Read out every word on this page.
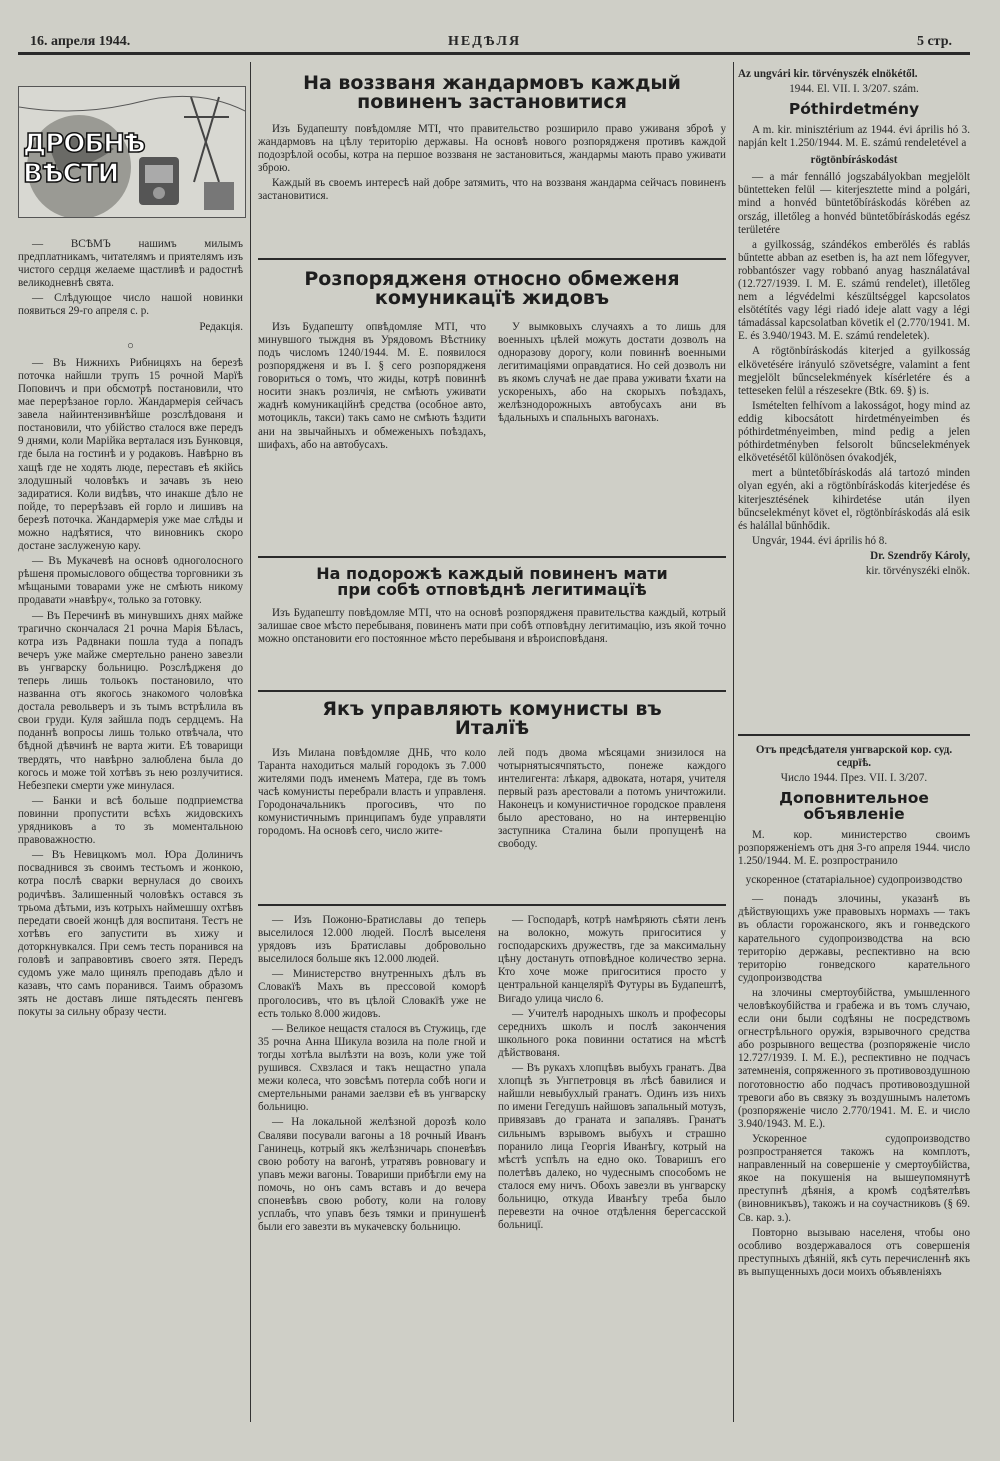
16. апреля 1944.	НЕДѢЛЯ	5 стр.
ДРОБНѢ ВѢСТИ

— ВСѢМЪ нашимъ милымъ предплатникамъ, читателямъ и приятелямъ изъ чистого сердця желаеме щастливѣ и радостнѣ великодневнѣ свята.

— Слѣдующое число нашой новинки появиться 29-го апреля с. р.

Редакція.

○

— Въ Нижнихъ Рибницяхъ на березѣ поточка найшли трупъ 15 рочной Марїѣ Поповичъ и при обсмотрѣ постановили, что мае перерѣзаное горло. Жандармерія сейчасъ завела найинтензивнѣйше розслѣдованя и постановили, что убійство сталося вже передъ 9 днями, коли Марійка верталася изъ Бунковця, где была на гостинѣ и у родаковъ. Навѣрно въ хащѣ где не ходять люде, переставъ еѣ якійсь злодушный чоловѣкъ и зачавъ зъ нею задиратися. Коли видѣвъ, что инакше дѣло не пойде, то перерѣзавъ ей горло и лишивъ на березѣ поточка. Жандармерія уже мае слѣды и можно надѣятися, что виновникъ скоро достане заслуженую кару.

— Въ Мукачевѣ на основѣ одноголосного рѣшеня промыслового общества торговники зъ мѣщаными товарами уже не смѣють никому продавати »навѣру«, только за готовку.

— Въ Перечинѣ въ минувшихъ днях майже трагично скончалася 21 рочна Марія Бѣласъ, котра изъ Радвнаки пошла туда а попадъ вечеръ уже майже смертельно ранено завезли въ унгварску больницю. Розслѣдженя до теперь лишь тольокъ постановило, что названна отъ якогось знакомого чоловѣка достала револьверъ и зъ тымъ встрѣлила въ свои груди. Куля зайшла подъ сердцемъ. На поданнѣ вопросы лишь только отвѣчала, что бѣдной дѣвчинѣ не варта жити. Еѣ товарищи твердять, что навѣрно залюблена была до когось и може той хотѣвъ зъ нею розлучитися. Небезпеки смерти уже минулася.

— Банки и всѣ больше подприемства повинни пропустити всѣхъ жидовскихъ урядниковъ а то зъ моментальною правоважностю.

— Въ Невицкомъ мол. Юра Долиничъ посваднився зъ своимъ тестьомъ и жонкою, котра послѣ сварки вернулася до своихъ родичѣвъ. Залишенный чоловѣкъ остався зъ трьома дѣтьми, изъ котрыхъ наймешшу охтѣвъ передати своей жонцѣ для воспитаня. Тестъ не хотѣвъ его запустити въ хижу и доторкнувкался. При семъ тесть поранився на головѣ и заправовтивъ своего зятя. Передъ судомъ уже мало щинялъ преподавъ дѣло и казавъ, что самъ поранився. Таимъ образомъ зять не доставъ лише пятьдесять пенгевъ покуты за сильну образу чести.

На воззваня жандармовъ каждый повиненъ застановитися

Изъ Будапешту повѣдомляе МТІ, что правительство розширило право уживаня зброѣ у жандармовъ на цѣлу територію державы. На основѣ нового розпорядженя противъ каждой подозрѣлой особы, котра на першое воззваня не застановиться, жандармы мають право уживати зброю.

Каждый въ своемъ интересѣ най добре затямить, что на воззваня жандарма сейчасъ повиненъ застановитися.

Розпорядженя относно обмеженя комуникацїѣ жидовъ

Изъ Будапешту опвѣдомляе МТІ, что минувшого тыждня въ Урядовомъ Вѣстнику подъ числомъ 1240/1944. М. Е. появилося розпорядженя и въ І. § сего розпорядженя говориться о томъ, что жиды, котрѣ повиннѣ носити знакъ розличія, не смѣють уживати жаднѣ комуникаційнѣ средства (особное авто, мотоцикль, такси) такъ само не смѣють ѣздити ани на звычайныхъ и обмеженыхъ поѣздахъ, шифахъ, або на автобусахъ.

У вымковыхъ случаяхъ а то лишь для военныхъ цѣлей можуть достати дозволъ на одноразову дорогу, коли повиннѣ военными легитимаціями оправдатися. Но сей дозволъ ни въ якомъ случаѣ не дае права уживати ѣхати на ускореныхъ, або на скорыхъ поѣздахъ, желѣзнодорожныхъ автобусахъ ани въ ѣдальныхъ и спальныхъ вагонахъ.

На подорожѣ каждый повиненъ мати при собѣ отповѣднѣ легитимацїѣ

Изъ Будапешту повѣдомляе МТІ, что на основѣ розпорядженя правительства каждый, котрый залишае свое мѣсто перебываня, повиненъ мати при собѣ отповѣдну легитимацію, изъ якой точно можно опстановити его постоянное мѣсто перебываня и вѣроисповѣданя.

Якъ управляють комунисты въ Италїѣ

Изъ Милана повѣдомляе ДНБ, что коло Таранта находиться малый городокъ зъ 7.000 жителями подъ именемъ Матера, где въ томъ часѣ комунисты перебрали власть и управленя. Городоначальникъ прогосивъ, что по комунистичнымъ принципамъ буде управляти городомъ. На основѣ сего, число жите-

лей подъ двома мѣсяцами знизилося на чотырнятысячпятьсто, понеже каждого интелигента: лѣкаря, адвоката, нотаря, учителя первый разъ арестовали а потомъ уничтожили. Наконецъ и комунистичное городское правленя было арестовано, но на интервенцію заступника Сталина были пропущенѣ на свободу.

— Изъ Пожоню-Братиславы до теперь выселилося 12.000 людей. Послѣ выселеня урядовъ изъ Братиславы добровольно выселилося больше якъ 12.000 людей.

— Министерство внутренныхъ дѣлъ въ Словакїѣ Махъ въ прессовой коморѣ проголосивъ, что въ цѣлой Словакїѣ уже не есть только 8.000 жидовъ.

— Великое нещастя сталося въ Стужиць, где 35 рочна Анна Шикула возила на поле гной и тогды хотѣла вылѣзти на возъ, коли уже той рушився. Схвзлася и такъ нещастно упала межи колеса, что зовсѣмъ потерла собѣ ноги и смертельными ранами заелзви еѣ въ унгварску больницю.

— На локальной желѣзной дорозѣ коло Сваляви посували вагоны а 18 рочный Иванъ Ганинець, котрый якъ желѣзничарь споневѣвъ свою роботу на вагонѣ, утратявъ ровновагу и упавъ межи вагоны. Товариши прибѣгли ему на помочь, но онъ самъ вставъ и до вечера споневѣвъ свою роботу, коли на голову усплабъ, что упавъ безъ тямки и принушенѣ были его завезти въ мукачевску больницю.

— Господарѣ, котрѣ намѣряють сѣяти ленъ на волокно, можуть пригоcитися у господарскихъ дружествъ, где за максимальну цѣну достануть отповѣдное количество зерна. Кто хоче може пригоcитися просто у центральной канцелярїѣ Футуры въ Будапештѣ, Вигадо улица число 6.

— Учителѣ народныхъ школъ и професоры середнихъ школъ и послѣ закончения школьного рока повинни остатися на мѣстѣ дѣйствованя.

— Въ рукахъ хлопцѣвъ выбухъ гранатъ. Два хлопцѣ зъ Унгпетровця въ лѣсѣ бавилися и найшли невыбухлый гранатъ. Одинъ изъ нихъ по имени Гегедушъ найшовъ запальный мотузъ, привязавъ до граната и запалявъ. Гранатъ сильнымъ взрывомъ выбухъ и страшно поранило лица Георгія Иванѣгу, котрый на мѣстѣ успѣлъ на едно око. Товаришъ его полетѣвъ далеко, но чудеснымъ способомъ не сталося ему ничъ. Обохъ завезли въ унгварску больницю, откуда Иванѣгу треба было перевезти на очное отдѣлення берегсасской больницї.

Az ungvári kir. törvényszék elnökétől.

1944. El. VII. I. 3/207. szám.

Póthirdetmény

A m. kir. minisztérium az 1944. évi április hó 3. napján kelt 1.250/1944. M. E. számú rendeletével a

rögtönbíráskodást

— a már fennálló jogszabályokban megjelölt büntetteken felül — kiterjesztette mind a polgári, mind a honvéd büntetőbíráskodás körében az ország, illetőleg a honvéd büntetőbíráskodás egész területére

a gyilkosság, szándékos emberölés és rablás bűntette abban az esetben is, ha azt nem lőfegyver, robbantószer vagy robbanó anyag használatával (12.727/1939. I. M. E. számú rendelet), illetőleg nem a légvédelmi készültséggel kapcsolatos elsötétítés vagy légi riadó ideje alatt vagy a légi támadással kapcsolatban követik el (2.770/1941. M. E. és 3.940/1943. M. E. számú rendeletek).

A rögtönbíráskodás kiterjed a gyilkosság elkövetésére irányuló szövetségre, valamint a fent megjelölt bűncselekmények kísérletére és a tetteseken felül a részesekre (Btk. 69. §) is.

Ismételten felhívom a lakosságot, hogy mind az eddig kibocsátott hirdetményeimben és póthirdetményeimben, mind pedig a jelen póthirdetményben felsorolt bűncselekmények elkövetésétől különösen óvakodjék,

mert a büntetőbíráskodás alá tartozó minden olyan egyén, aki a rögtönbíráskodás kiterjedése és kiterjesztésének kihirdetése után ilyen bűncselekményt követ el, rögtönbíráskodás alá esik és halállal bűnhődik.

Ungvár, 1944. évi április hó 8.

Dr. Szendrőy Károly,

kir. törvényszéki elnök.

Отъ предсѣдателя унгварской кор. суд. седрїѣ.

Число 1944. През. VII. I. 3/207.

Доповнительное объявленіе

М. кор. министерство своимъ розпоряженіемъ отъ дня 3-го апреля 1944. число 1.250/1944. М. Е. розпространило

ускоренное (статаріальное) судопроизводство

— понадъ злочины, указанѣ въ дѣйствующихъ уже правовыхъ нормахъ — такъ въ области горожанского, якъ и гонведского карательного судопроизводства на всю територію державы, респективно на всю територію гонведского карательного судопроизводства

на злочины смертоубійства, умышленного человѣкоубійства и грабежа и въ томъ случаю, если они были содѣяны не посредствомъ огнестрѣльного оружія, взрывочного средства або розрывного вещества (розпоряженіе число 12.727/1939. I. М. Е.), респективно не подчасъ затемненія, сопряженного зъ противовоздушною поготовностю або подчасъ противовоздушной тревоги або въ связку зъ воздушнымъ налетомъ (розпоряженіе число 2.770/1941. М. Е. и число 3.940/1943. М. Е.).

Ускоренное судопроизводство розпространяется такожъ на комплотъ, направленный на совершеніе у смертоубійства, якое на покушенія на вышеупомянутѣ преступнѣ дѣянія, а кромѣ содѣятелѣвъ (виновникъвъ), такожъ и на соучастниковъ (§ 69. Св. кар. з.).

Повторно вызываю населеня, чтобы оно особливо воздержавалося отъ совершенія преступныхъ дѣяній, якѣ суть перечисленнѣ якъ въ выпущенныхъ доси моихъ объявленіяхъ
